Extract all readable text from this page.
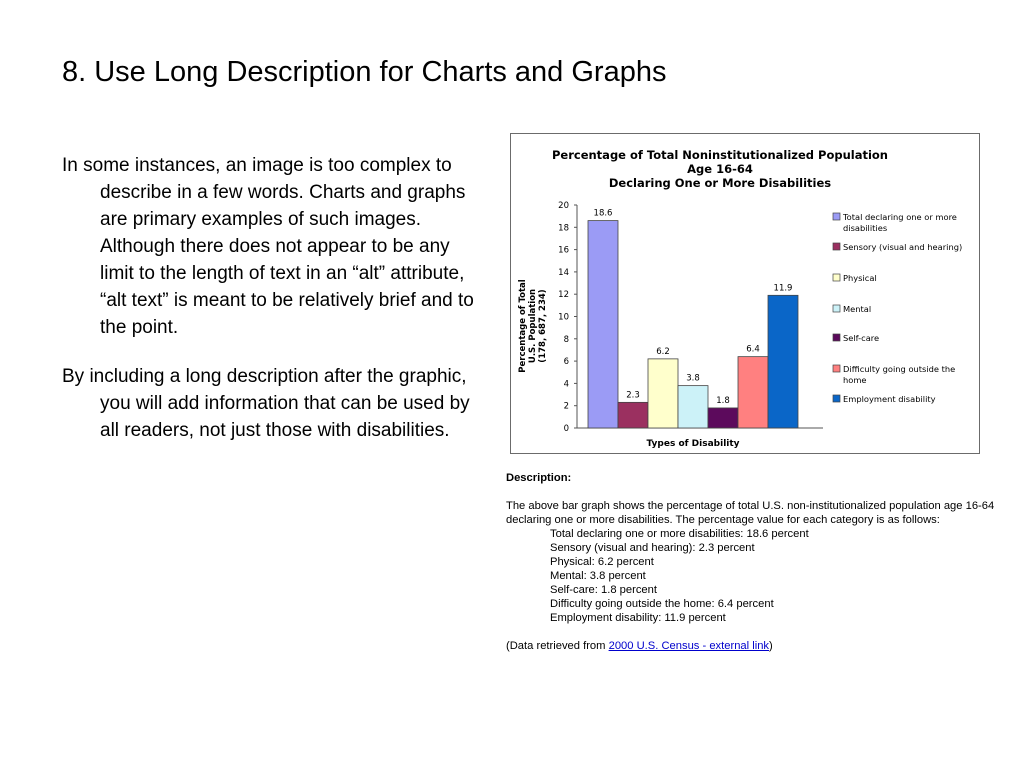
8. Use Long Description for Charts and Graphs

In some instances, an image is too complex to describe in a few words. Charts and graphs are primary examples of such images. Although there does not appear to be any limit to the length of text in an “alt” attribute, “alt text” is meant to be relatively brief and to the point.

By including a long description after the graphic, you will add information that can be used by all readers, not just those with disabilities.

Percentage of Total Noninstitutionalized Population
Age 16-64
Declaring One or More Disabilities
Percentage of Total U.S. Population (178, 687, 234)
Types of Disability
0
2
4
6
8
10
12
14
16
18
20
18.6
2.3
6.2
3.8
1.8
6.4
11.9
Total declaring one or more
disabilities
Sensory (visual and hearing)
Physical
Mental
Self-care
Difficulty going outside the
home
Employment disability

Description:

The above bar graph shows the percentage of total U.S. non-institutionalized population age 16-64 declaring one or more disabilities. The percentage value for each category is as follows:

Total declaring one or more disabilities: 18.6 percent
Sensory (visual and hearing): 2.3 percent
Physical: 6.2 percent
Mental: 3.8 percent
Self-care: 1.8 percent
Difficulty going outside the home: 6.4 percent
Employment disability: 11.9 percent

(Data retrieved from 2000 U.S. Census - external link)
